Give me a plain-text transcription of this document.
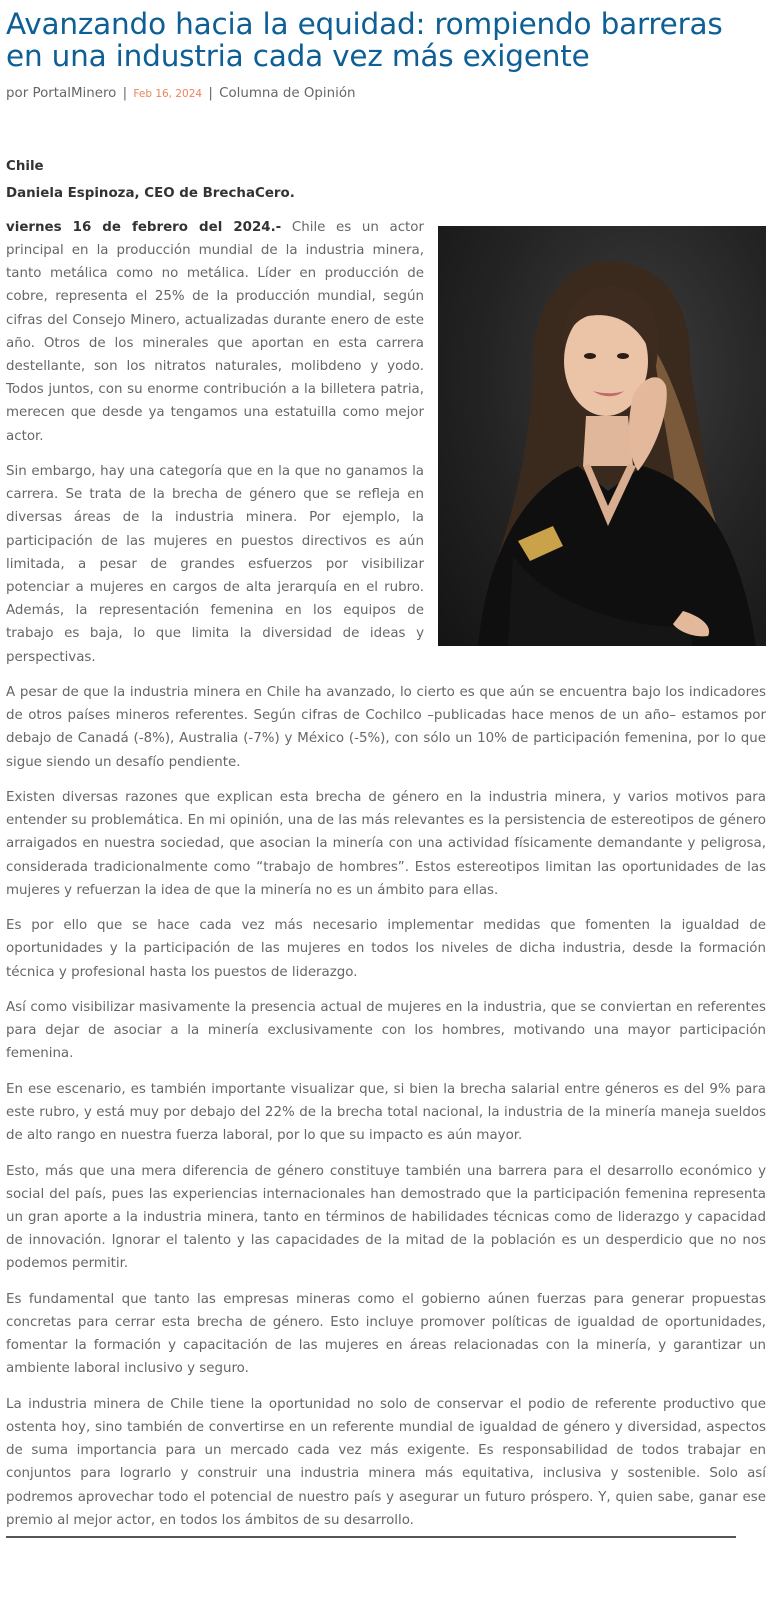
Avanzando hacia la equidad: rompiendo barreras en una industria cada vez más exigente
por PortalMinero | Feb 16, 2024 | Columna de Opinión

Chile

Daniela Espinoza, CEO de BrechaCero.

viernes 16 de febrero del 2024.- Chile es un actor principal en la producción mundial de la industria minera, tanto metálica como no metálica. Líder en producción de cobre, representa el 25% de la producción mundial, según cifras del Consejo Minero, actualizadas durante enero de este año. Otros de los minerales que aportan en esta carrera destellante, son los nitratos naturales, molibdeno y yodo. Todos juntos, con su enorme contribución a la billetera patria, merecen que desde ya tengamos una estatuilla como mejor actor.

Sin embargo, hay una categoría que en la que no ganamos la carrera. Se trata de la brecha de género que se refleja en diversas áreas de la industria minera. Por ejemplo, la participación de las mujeres en puestos directivos es aún limitada, a pesar de grandes esfuerzos por visibilizar potenciar a mujeres en cargos de alta jerarquía en el rubro. Además, la representación femenina en los equipos de trabajo es baja, lo que limita la diversidad de ideas y perspectivas.

A pesar de que la industria minera en Chile ha avanzado, lo cierto es que aún se encuentra bajo los indicadores de otros países mineros referentes. Según cifras de Cochilco –publicadas hace menos de un año– estamos por debajo de Canadá (-8%), Australia (-7%) y México (-5%), con sólo un 10% de participación femenina, por lo que sigue siendo un desafío pendiente.

Existen diversas razones que explican esta brecha de género en la industria minera, y varios motivos para entender su problemática. En mi opinión, una de las más relevantes es la persistencia de estereotipos de género arraigados en nuestra sociedad, que asocian la minería con una actividad físicamente demandante y peligrosa, considerada tradicionalmente como “trabajo de hombres”. Estos estereotipos limitan las oportunidades de las mujeres y refuerzan la idea de que la minería no es un ámbito para ellas.

Es por ello que se hace cada vez más necesario implementar medidas que fomenten la igualdad de oportunidades y la participación de las mujeres en todos los niveles de dicha industria, desde la formación técnica y profesional hasta los puestos de liderazgo.

Así como visibilizar masivamente la presencia actual de mujeres en la industria, que se conviertan en referentes para dejar de asociar a la minería exclusivamente con los hombres, motivando una mayor participación femenina.

En ese escenario, es también importante visualizar que, si bien la brecha salarial entre géneros es del 9% para este rubro, y está muy por debajo del 22% de la brecha total nacional, la industria de la minería maneja sueldos de alto rango en nuestra fuerza laboral, por lo que su impacto es aún mayor.

Esto, más que una mera diferencia de género constituye también una barrera para el desarrollo económico y social del país, pues las experiencias internacionales han demostrado que la participación femenina representa un gran aporte a la industria minera, tanto en términos de habilidades técnicas como de liderazgo y capacidad de innovación. Ignorar el talento y las capacidades de la mitad de la población es un desperdicio que no nos podemos permitir.

Es fundamental que tanto las empresas mineras como el gobierno aúnen fuerzas para generar propuestas concretas para cerrar esta brecha de género. Esto incluye promover políticas de igualdad de oportunidades, fomentar la formación y capacitación de las mujeres en áreas relacionadas con la minería, y garantizar un ambiente laboral inclusivo y seguro.

La industria minera de Chile tiene la oportunidad no solo de conservar el podio de referente productivo que ostenta hoy, sino también de convertirse en un referente mundial de igualdad de género y diversidad, aspectos de suma importancia para un mercado cada vez más exigente. Es responsabilidad de todos trabajar en conjuntos para lograrlo y construir una industria minera más equitativa, inclusiva y sostenible. Solo así podremos aprovechar todo el potencial de nuestro país y asegurar un futuro próspero. Y, quien sabe, ganar ese premio al mejor actor, en todos los ámbitos de su desarrollo.
